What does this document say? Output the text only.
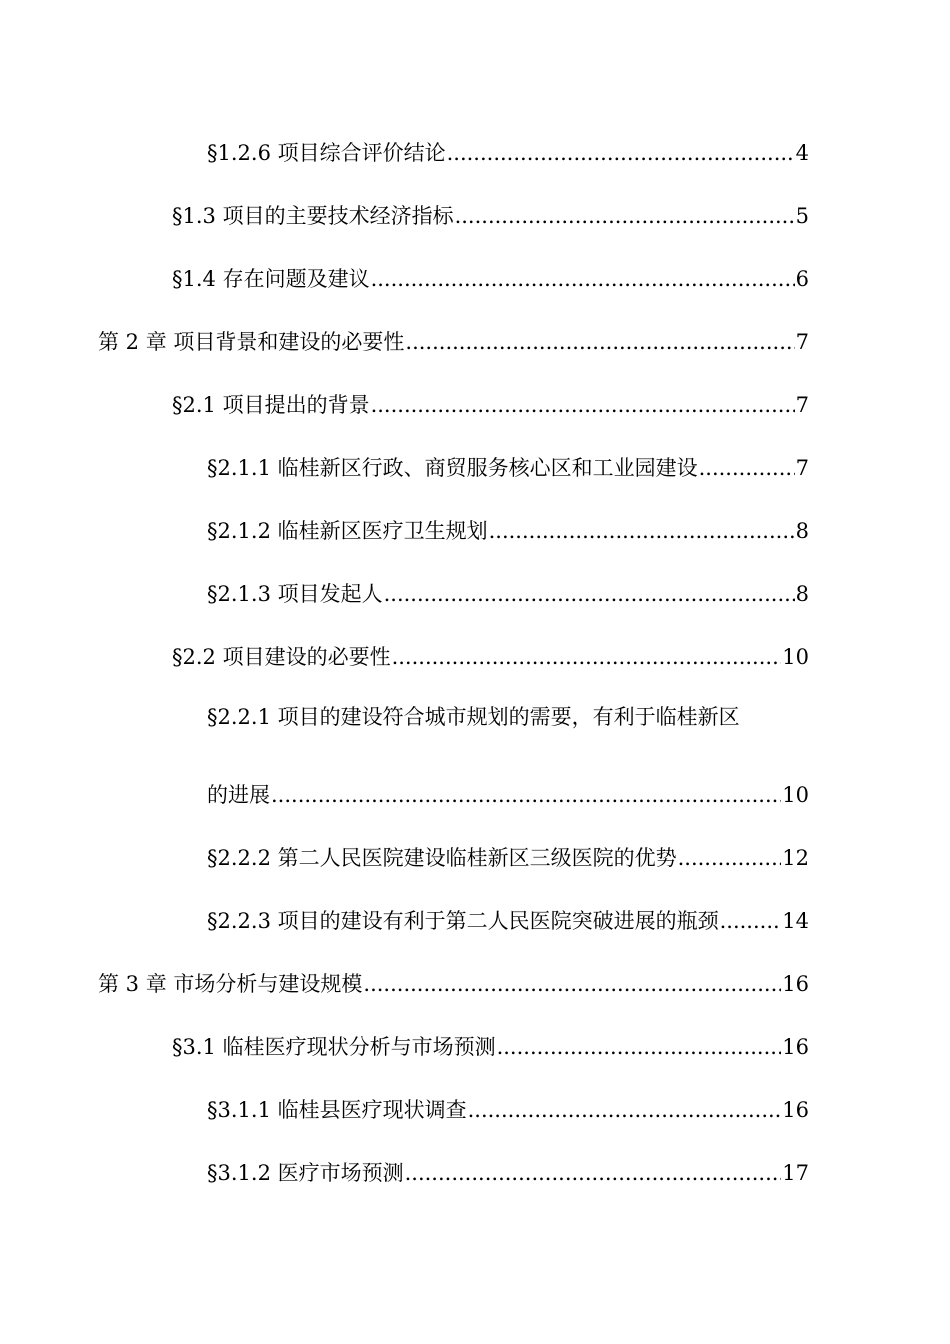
§1.2.6 项目综合评价结论 .....	4
§1.3 项目的主要技术经济指标 .....	5
§1.4 存在问题及建议 .....	6
第 2 章 项目背景和建设的必要性 .....	7
§2.1 项目提出的背景 .....	7
§2.1.1 临桂新区行政、商贸服务核心区和工业园建设 .....	7
§2.1.2 临桂新区医疗卫生规划 .....	8
§2.1.3 项目发起人 .....	8
§2.2 项目建设的必要性 .....	10
§2.2.1 项目的建设符合城市规划的需要，有利于临桂新区
的进展 .....	10
§2.2.2 第二人民医院建设临桂新区三级医院的优势 .....	12
§2.2.3 项目的建设有利于第二人民医院突破进展的瓶颈 .....	14
第 3 章 市场分析与建设规模 .....	16
§3.1 临桂医疗现状分析与市场预测 .....	16
§3.1.1 临桂县医疗现状调查 .....	16
§3.1.2 医疗市场预测 .....	17
